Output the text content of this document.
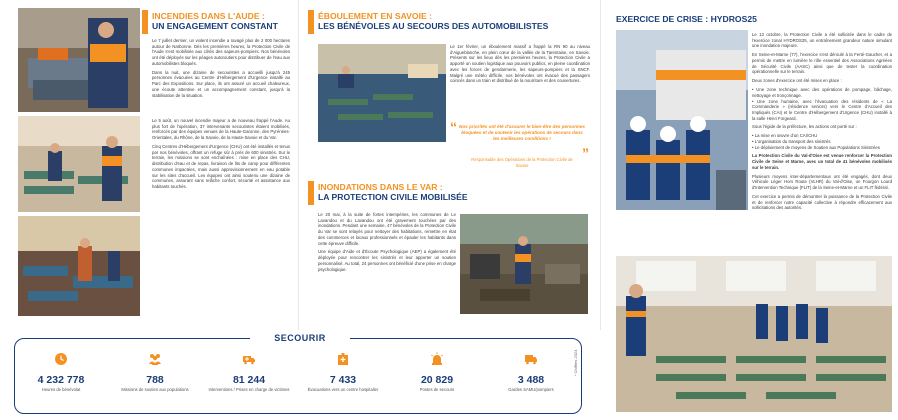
INCENDIES DANS L'AUDE :
UN ENGAGEMENT CONSTANT

Le 7 juillet dernier, un violent incendie a ravagé plus de 2 000 hectares autour de Narbonne. Dès les premières heures, la Protection Civile de l'Aude s'est mobilisée aux côtés des sapeurs-pompiers. Nos bénévoles ont été déployés sur les péages autoroutiers pour distribuer de l'eau aux automobilistes bloqués.

Dans la nuit, une dizaine de secouristes a accueilli jusqu'à 245 personnes évacuées au Centre d'Hébergement d'Urgence installé au Parc des Expositions. Sur place, ils ont assuré un accueil chaleureux, une écoute attentive et un accompagnement constant, jusqu'à la stabilisation de la situation.

Le 5 août, un nouvel incendie majeur a de nouveau frappé l'Aude. Au plus fort de l'opération, 37 intervenants secouristes étaient mobilisés, renforcés par des équipes venues de la Haute-Garonne, des Pyrénées-Orientales, du Rhône, de la Savoie, de la Haute-Savoie et du Var.

Cinq Centres d'Hébergement d'Urgence (CHU) ont été installés et tenus par nos bénévoles, offrant un refuge sûr à près de 600 sinistrés. Sur le terrain, les missions se sont enchaînées : mise en place des CHU, distribution d'eau et de repas, livraison de lits de camp pour différentes communes impactées, mais aussi approvisionnement en eau potable sur les sites d'accueil. Les équipes ont ainsi soutenu une dizaine de communes, assurant sans relâche confort, sécurité et assistance aux habitants touchés.

ÉBOULEMENT EN SAVOIE :
LES BÉNÉVOLES AU SECOURS DES AUTOMOBILISTES

Le 1er février, un éboulement massif a frappé la RN 90 au niveau d'Aigueblanche, en plein cœur de la vallée de la Tarentaise, en Savoie. Présents sur les lieux dès les premières heures, la Protection Civile a apporté un soutien logistique aux pouvoirs publics, en pleine coordination avec les forces de gendarmerie, les sapeurs-pompiers et la SNCF. Malgré une météo difficile, nos bénévoles ont évacué des passagers coincés dans un train et distribué de la nourriture et des couvertures.

“ Nos priorités ont été d'assurer le bien-être des personnes bloquées et de soutenir les opérations de secours dans les meilleures conditions !
”
Responsable des Opérations de la Protection Civile de Savoie
INONDATIONS DANS LE VAR :
LA PROTECTION CIVILE MOBILISÉE

Le 20 mai, à la suite de fortes intempéries, les communes de Le Lavandou et du Lavandou ont été gravement touchées par des inondations. Pendant une semaine, 47 bénévoles de la Protection Civile du Var se sont relayés pour nettoyer des habitations, remettre en état des commerces et locaux professionnels et épauler les habitants dans cette épreuve difficile.

Une équipe d'Aide et d'Écoute Psychologique (AEP) a également été déployée pour rencontrer les sinistrés et leur apporter un soutien personnalisé. Au total, 24 personnes ont bénéficié d'une prise en charge psychologique.

EXERCICE DE CRISE : HYDROS25

Le 13 octobre, la Protection Civile a été sollicitée dans le cadre de l'exercice zonal HYDROS25, un entraînement grandeur nature simulant une inondation majeure.

En Seine-et-Marne (77), l'exercice s'est déroulé à la Ferté-Gaucher, et a permis de mettre en lumière le rôle essentiel des Associations Agréées de Sécurité Civile (AASC) ainsi que de tester la coordination opérationnelle sur le terrain.

Deux zones d'exercice ont été mises en place :

• Une zone technique avec des opérations de pompage, bâchage, nettoyage et tronçonnage.
• Une zone humaine, avec l'évacuation des résidents de « La Commanderie » (résidence seniors) vers le Centre d'Accueil des Impliqués (CAI) et le Centre d'Hébergement d'Urgence (CHU) installé à la salle Henri Forgeard.

Sous l'égide de la préfecture, les actions ont porté sur :

• La mise en œuvre d'un CAI/CHU
• L'organisation du transport des sinistrés
• Le déploiement de moyens de Soutien aux Populations Sinistrées

La Protection Civile du Val-d'Oise est venue renforcer la Protection Civile de Seine et Marne, avec un total de 41 bénévoles mobilisés sur le terrain.

Plusieurs moyens inter-départementaux ont été engagés, dont deux Véhicule Léger Hors Route (VLHR) du Val-d'Oise, un Fourgon Lourd d'Intervention Technique (FLIT) de la Seine-et-Marne et un FLIT fédéral.

Cet exercice a permis de démontrer la puissance de la Protection Civile et de renforcer notre capacité collective à répondre efficacement aux sollicitations des autorités.

SECOURIR
4 232 778
Heures de bénévolat
788
Missions de soutien aux populations
81 244
Interventions / Prises en charge de victimes
7 433
Évacuations vers un centre hospitalier
20 829
Postes de secours
3 488
Gardes SAMU/pompiers
* Chiffres 2024
